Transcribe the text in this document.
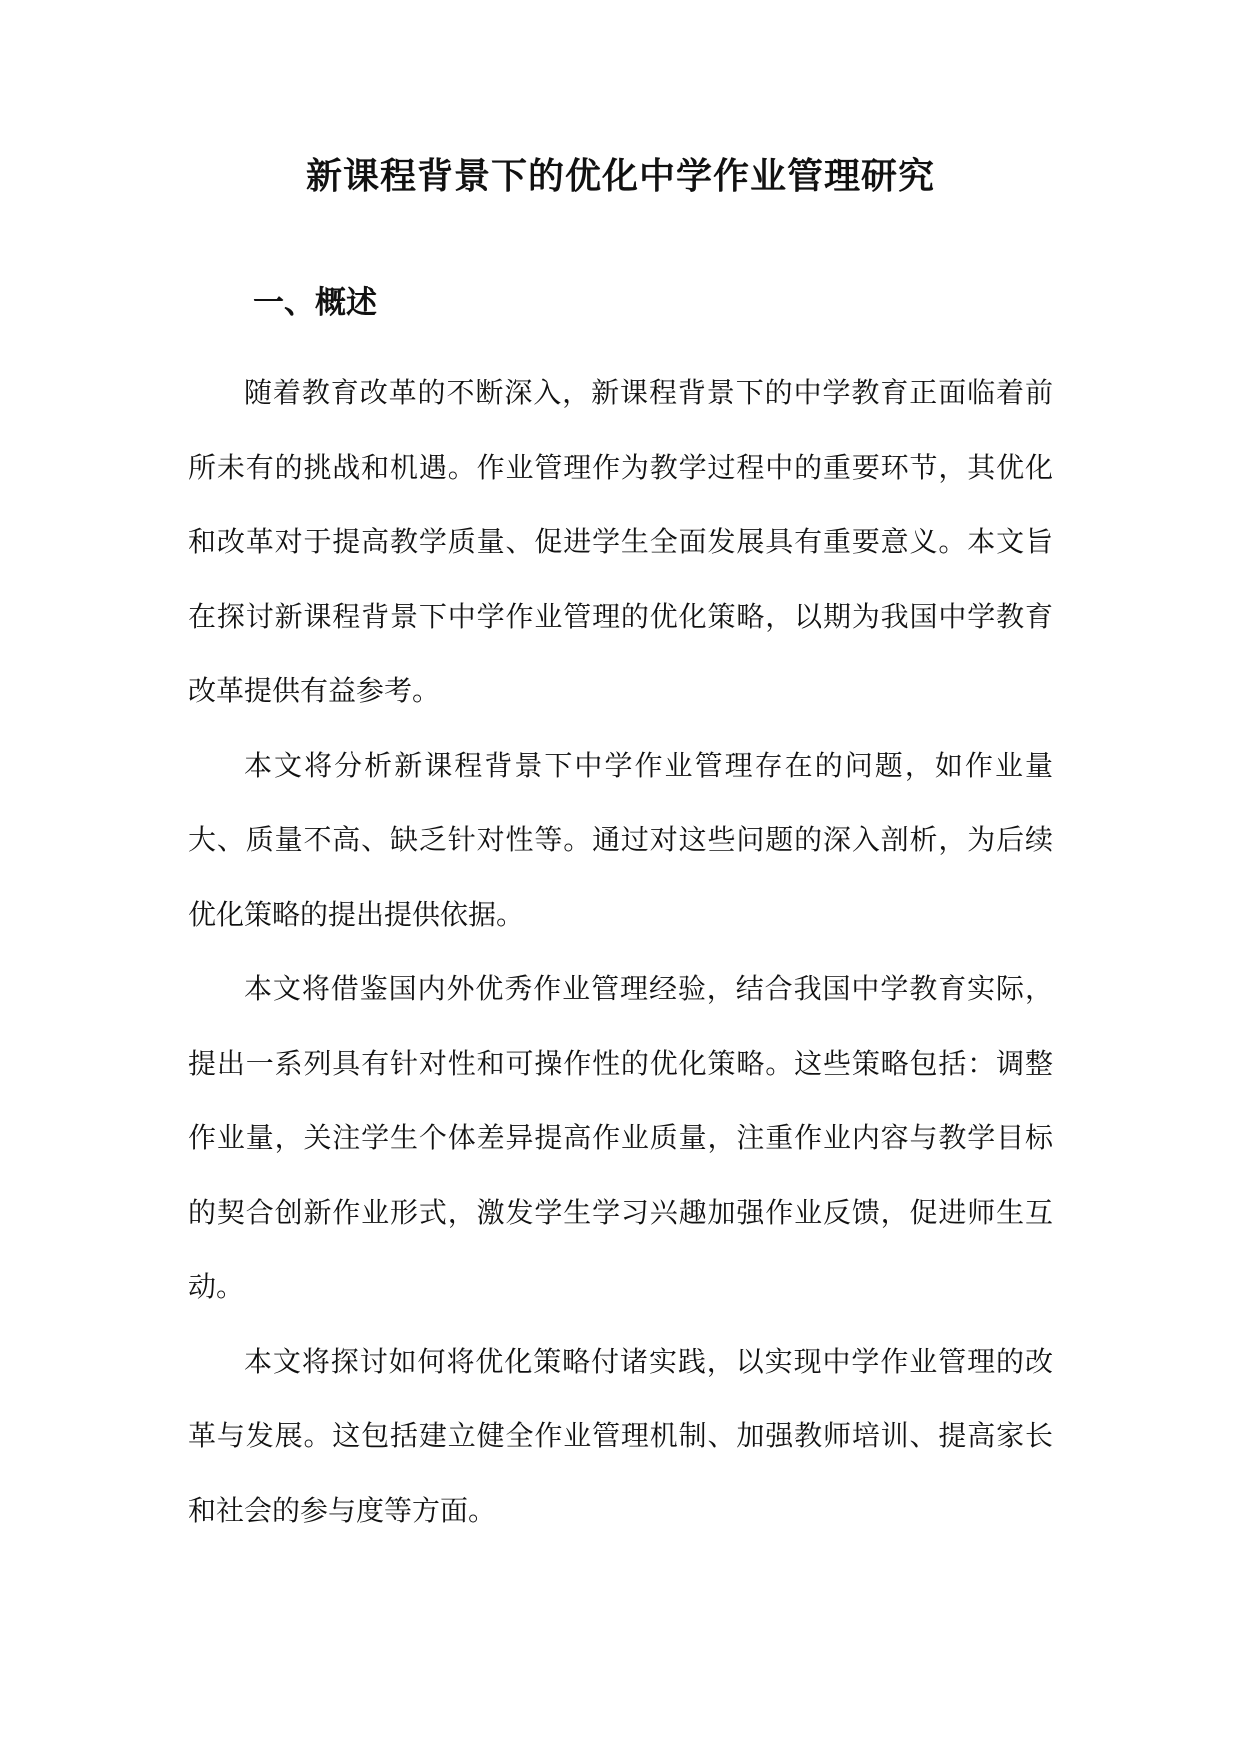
新课程背景下的优化中学作业管理研究
一、概述

随着教育改革的不断深入，新课程背景下的中学教育正面临着前所未有的挑战和机遇。作业管理作为教学过程中的重要环节，其优化和改革对于提高教学质量、促进学生全面发展具有重要意义。本文旨在探讨新课程背景下中学作业管理的优化策略，以期为我国中学教育改革提供有益参考。

本文将分析新课程背景下中学作业管理存在的问题，如作业量大、质量不高、缺乏针对性等。通过对这些问题的深入剖析，为后续优化策略的提出提供依据。

本文将借鉴国内外优秀作业管理经验，结合我国中学教育实际，提出一系列具有针对性和可操作性的优化策略。这些策略包括：调整作业量，关注学生个体差异提高作业质量，注重作业内容与教学目标的契合创新作业形式，激发学生学习兴趣加强作业反馈，促进师生互动。

本文将探讨如何将优化策略付诸实践，以实现中学作业管理的改革与发展。这包括建立健全作业管理机制、加强教师培训、提高家长和社会的参与度等方面。
